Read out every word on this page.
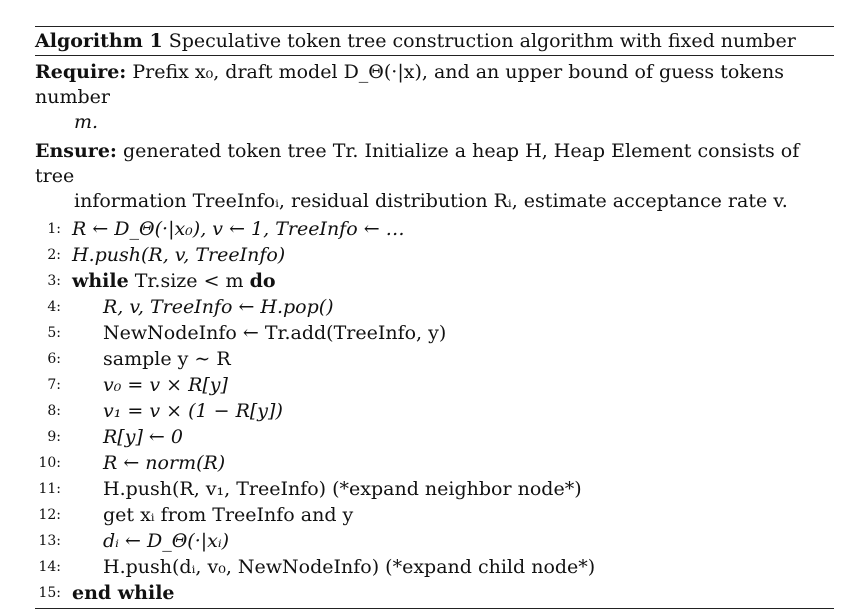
Algorithm 1 Speculative token tree construction algorithm with fixed number
Require: Prefix x₀, draft model D_Θ(·|x), and an upper bound of guess tokens number
m.
Ensure: generated token tree Tr. Initialize a heap H, Heap Element consists of tree
information TreeInfoᵢ, residual distribution Rᵢ, estimate acceptance rate v.
1: R ← D_Θ(·|x₀), v ← 1, TreeInfo ← …
2: H.push(R, v, TreeInfo)
3: while Tr.size < m do
4: R, v, TreeInfo ← H.pop()
5: NewNodeInfo ← Tr.add(TreeInfo, y)
6: sample y ∼ R
7: v₀ = v × R[y]
8: v₁ = v × (1 − R[y])
9: R[y] ← 0
10: R ← norm(R)
11: H.push(R, v₁, TreeInfo) (*expand neighbor node*)
12: get xᵢ from TreeInfo and y
13: dᵢ ← D_Θ(·|xᵢ)
14: H.push(dᵢ, v₀, NewNodeInfo) (*expand child node*)
15: end while
